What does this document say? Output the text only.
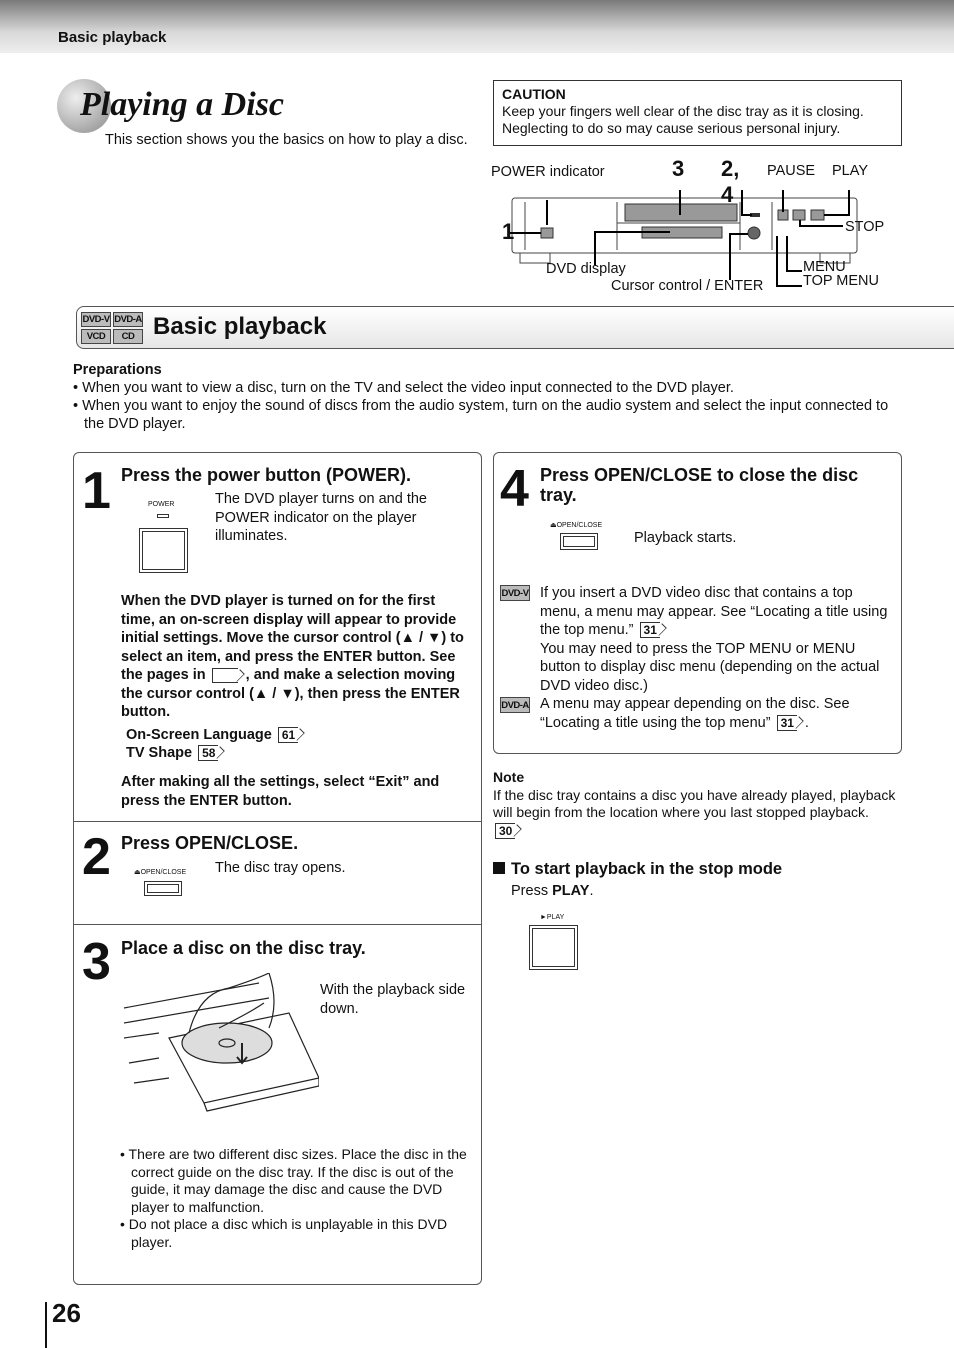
Basic playback
Playing a Disc
This section shows you the basics on how to play a disc.
CAUTION
Keep your fingers well clear of the disc tray as it is closing.
Neglecting to do so may cause serious personal injury.
POWER indicator	3 2, 4
PAUSE PLAY
1	STOP
DVD display
Cursor control / ENTER
MENU
TOP MENU
DVD-V DVD-A
VCD	CD Basic playback
Preparations

• When you want to view a disc, turn on the TV and select the video input connected to the DVD player.

• When you want to enjoy the sound of discs from the audio system, turn on the audio system and select the input connected to the DVD player.

1 Press the power button (POWER).
POWER	The DVD player turns on and the POWER indicator on the player illuminates.
When the DVD player is turned on for the first time, an on-screen display will appear to provide initial settings. Move the cursor control (▲ / ▼) to select an item, and press the ENTER button. See the pages in	, and make a selection moving the cursor control (▲ / ▼), then press the ENTER button.
On-Screen Language 61
TV Shape 58
After making all the settings, select “Exit” and press the ENTER button.
2 Press OPEN/CLOSE.
⏏OPEN/CLOSE The disc tray opens.
3 Place a disc on the disc tray.
With the playback side down.

• There are two different disc sizes. Place the disc in the correct guide on the disc tray. If the disc is out of the guide, it may damage the disc and cause the DVD player to malfunction.

• Do not place a disc which is unplayable in this DVD player.

4 Press OPEN/CLOSE to close the disc tray.
⏏OPEN/CLOSE
Playback starts.
DVD-V If you insert a DVD video disc that contains a top menu, a menu may appear. See “Locating a title using the top menu.” 31
You may need to press the TOP MENU or MENU button to display disc menu (depending on the actual DVD video disc.)
DVD-A A menu may appear depending on the disc. See “Locating a title using the top menu” 31 .
Note
If the disc tray contains a disc you have already played, playback will begin from the location where you last stopped playback. 30
To start playback in the stop mode
Press PLAY.
►PLAY
26
